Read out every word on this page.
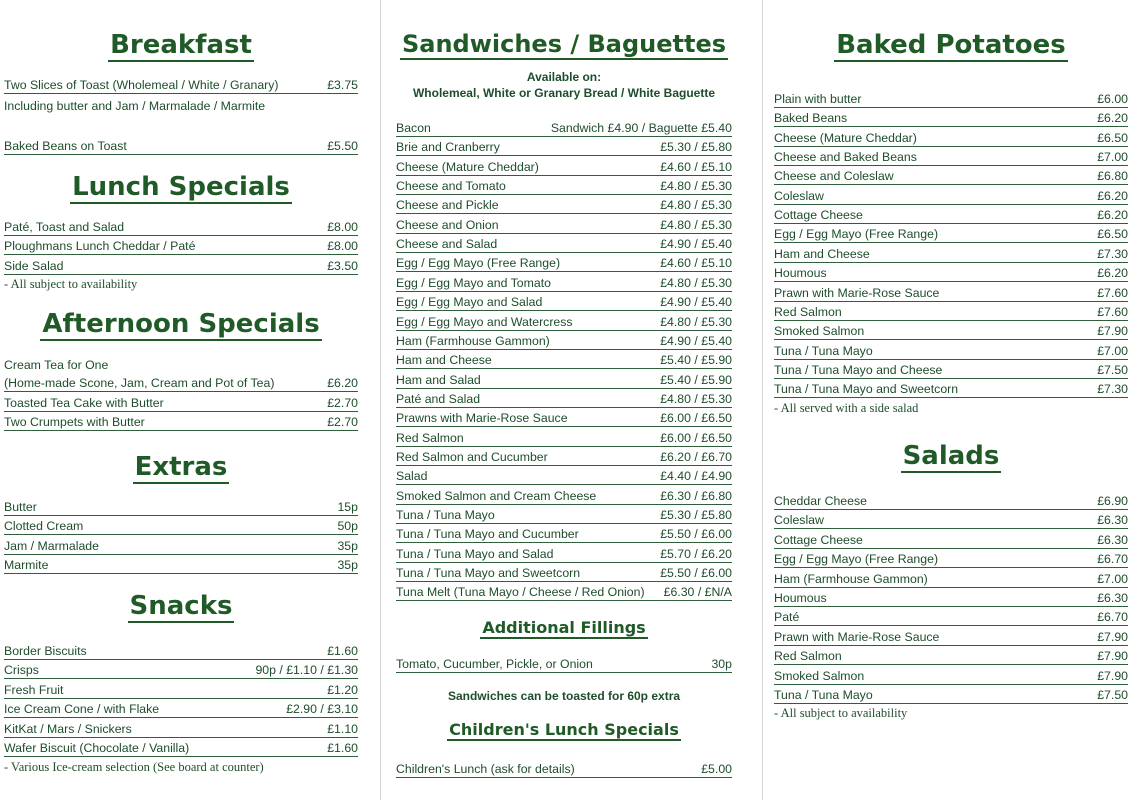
Breakfast
Two Slices of Toast (Wholemeal / White / Granary)	£3.75
Including butter and Jam / Marmalade / Marmite
Baked Beans on Toast	£5.50
Lunch Specials
Paté, Toast and Salad	£8.00
Ploughmans Lunch Cheddar / Paté	£8.00
Side Salad	£3.50
- All subject to availability
Afternoon Specials
Cream Tea for One
(Home-made Scone, Jam, Cream and Pot of Tea)	£6.20
Toasted Tea Cake with Butter	£2.70
Two Crumpets with Butter	£2.70
Extras
Butter	15p
Clotted Cream	50p
Jam / Marmalade	35p
Marmite	35p
Snacks
Border Biscuits	£1.60
Crisps	90p / £1.10 / £1.30
Fresh Fruit	£1.20
Ice Cream Cone / with Flake	£2.90 / £3.10
KitKat / Mars / Snickers	£1.10
Wafer Biscuit (Chocolate / Vanilla)	£1.60
- Various Ice-cream selection (See board at counter)
Sandwiches / Baguettes
Available on:
Wholemeal, White or Granary Bread / White Baguette
Bacon	Sandwich £4.90 / Baguette £5.40
Brie and Cranberry	£5.30 / £5.80
Cheese (Mature Cheddar)	£4.60 / £5.10
Cheese and Tomato	£4.80 / £5.30
Cheese and Pickle	£4.80 / £5.30
Cheese and Onion	£4.80 / £5.30
Cheese and Salad	£4.90 / £5.40
Egg / Egg Mayo (Free Range)	£4.60 / £5.10
Egg / Egg Mayo and Tomato	£4.80 / £5.30
Egg / Egg Mayo and Salad	£4.90 / £5.40
Egg / Egg Mayo and Watercress	£4.80 / £5.30
Ham (Farmhouse Gammon)	£4.90 / £5.40
Ham and Cheese	£5.40 / £5.90
Ham and Salad	£5.40 / £5.90
Paté and Salad	£4.80 / £5.30
Prawns with Marie-Rose Sauce	£6.00 / £6.50
Red Salmon	£6.00 / £6.50
Red Salmon and Cucumber	£6.20 / £6.70
Salad	£4.40 / £4.90
Smoked Salmon and Cream Cheese	£6.30 / £6.80
Tuna / Tuna Mayo	£5.30 / £5.80
Tuna / Tuna Mayo and Cucumber	£5.50 / £6.00
Tuna / Tuna Mayo and Salad	£5.70 / £6.20
Tuna / Tuna Mayo and Sweetcorn	£5.50 / £6.00
Tuna Melt (Tuna Mayo / Cheese / Red Onion) £6.30 / £N/A
Additional Fillings
Tomato, Cucumber, Pickle, or Onion	30p
Sandwiches can be toasted for 60p extra
Children's Lunch Specials
Children's Lunch (ask for details)	£5.00
Baked Potatoes
Plain with butter	£6.00
Baked Beans	£6.20
Cheese (Mature Cheddar)	£6.50
Cheese and Baked Beans	£7.00
Cheese and Coleslaw	£6.80
Coleslaw	£6.20
Cottage Cheese	£6.20
Egg / Egg Mayo (Free Range)	£6.50
Ham and Cheese	£7.30
Houmous	£6.20
Prawn with Marie-Rose Sauce	£7.60
Red Salmon	£7.60
Smoked Salmon	£7.90
Tuna / Tuna Mayo	£7.00
Tuna / Tuna Mayo and Cheese	£7.50
Tuna / Tuna Mayo and Sweetcorn	£7.30
- All served with a side salad
Salads
Cheddar Cheese	£6.90
Coleslaw	£6.30
Cottage Cheese	£6.30
Egg / Egg Mayo (Free Range)	£6.70
Ham (Farmhouse Gammon)	£7.00
Houmous	£6.30
Paté	£6.70
Prawn with Marie-Rose Sauce	£7.90
Red Salmon	£7.90
Smoked Salmon	£7.90
Tuna / Tuna Mayo	£7.50
- All subject to availability
